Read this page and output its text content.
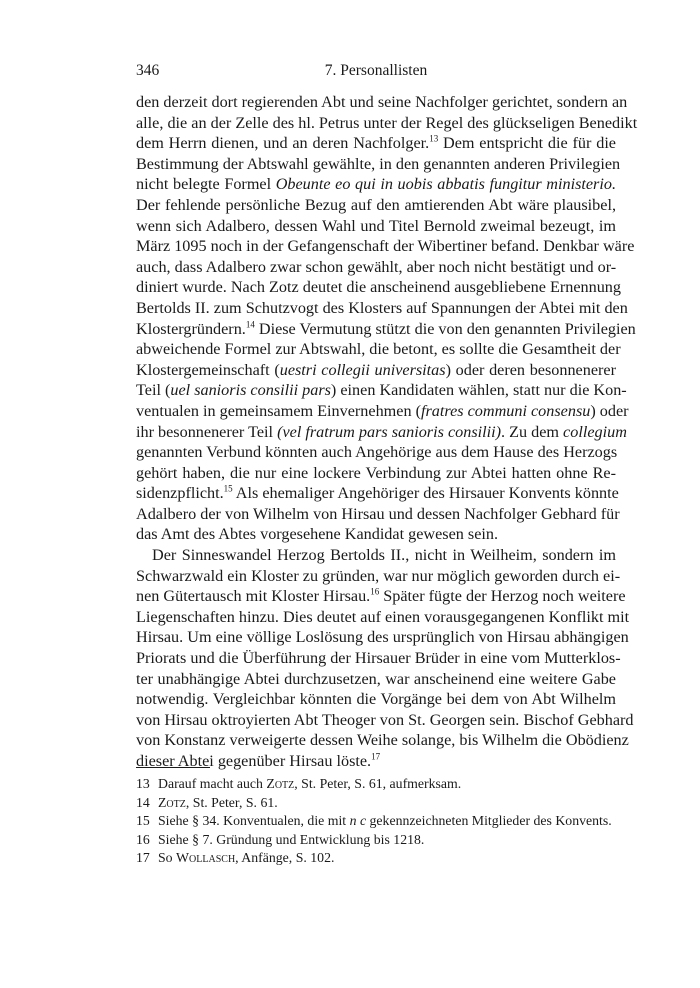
346	7. Personallisten
den derzeit dort regierenden Abt und seine Nachfolger gerichtet, sondern an
alle, die an der Zelle des hl. Petrus unter der Regel des glückseligen Benedikt
dem Herrn dienen, und an deren Nachfolger.$^{13}$ Dem entspricht die für die
Bestimmung der Abtswahl gewählte, in den genannten anderen Privilegien
nicht belegte Formel Obeunte eo qui in uobis abbatis fungitur ministerio.
Der fehlende persönliche Bezug auf den amtierenden Abt wäre plausibel,
wenn sich Adalbero, dessen Wahl und Titel Bernold zweimal bezeugt, im
März 1095 noch in der Gefangenschaft der Wibertiner befand. Denkbar wäre
auch, dass Adalbero zwar schon gewählt, aber noch nicht bestätigt und or-
diniert wurde. Nach Zotz deutet die anscheinend ausgebliebene Ernennung
Bertolds II. zum Schutzvogt des Klosters auf Spannungen der Abtei mit den
Klostergründern.$^{14}$ Diese Vermutung stützt die von den genannten Privilegien
abweichende Formel zur Abtswahl, die betont, es sollte die Gesamtheit der
Klostergemeinschaft (uestri collegii universitas) oder deren besonnenerer
Teil (uel sanioris consilii pars) einen Kandidaten wählen, statt nur die Kon-
ventualen in gemeinsamem Einvernehmen (fratres communi consensu) oder
ihr besonnenerer Teil (vel fratrum pars sanioris consilii). Zu dem collegium
genannten Verbund könnten auch Angehörige aus dem Hause des Herzogs
gehört haben, die nur eine lockere Verbindung zur Abtei hatten ohne Re-
sidenzpflicht.$^{15}$ Als ehemaliger Angehöriger des Hirsauer Konvents könnte
Adalbero der von Wilhelm von Hirsau und dessen Nachfolger Gebhard für
das Amt des Abtes vorgesehene Kandidat gewesen sein.
Der Sinneswandel Herzog Bertolds II., nicht in Weilheim, sondern im
Schwarzwald ein Kloster zu gründen, war nur möglich geworden durch ei-
nen Gütertausch mit Kloster Hirsau.$^{16}$ Später fügte der Herzog noch weitere
Liegenschaften hinzu. Dies deutet auf einen vorausgegangenen Konflikt mit
Hirsau. Um eine völlige Loslösung des ursprünglich von Hirsau abhängigen
Priorats und die Überführung der Hirsauer Brüder in eine vom Mutterklos-
ter unabhängige Abtei durchzusetzen, war anscheinend eine weitere Gabe
notwendig. Vergleichbar könnten die Vorgänge bei dem von Abt Wilhelm
von Hirsau oktroyierten Abt Theoger von St. Georgen sein. Bischof Gebhard
von Konstanz verweigerte dessen Weihe solange, bis Wilhelm die Obödienz
dieser Abtei gegenüber Hirsau löste.$^{17}$
13 Darauf macht auch Zotz, St. Peter, S. 61, aufmerksam.
14 Zotz, St. Peter, S. 61.
15 Siehe § 34. Konventualen, die mit n c gekennzeichneten Mitglieder des Konvents.
16 Siehe § 7. Gründung und Entwicklung bis 1218.
17 So Wollasch, Anfänge, S. 102.
